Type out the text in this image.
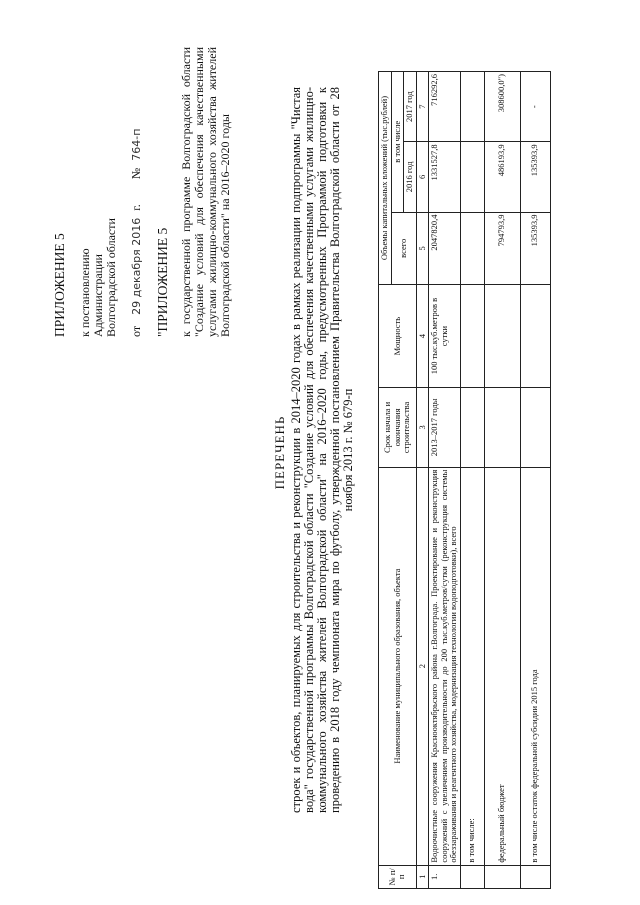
ПРИЛОЖЕНИЕ 5 к постановлению Администрации Волгоградской области от 29 декабря 2016 г. № 764-п
"ПРИЛОЖЕНИЕ 5 к государственной программе Волгоградской области "Создание условий для обеспечения качественными услугами жилищно-коммунального хозяйства жителей Волгоградской области" на 2016–2020 годы
ПЕРЕЧЕНЬ строек и объектов, планируемых для строительства и реконструкции в 2014–2020 годах в рамках реализации подпрограммы "Чистая вода" государственной программы Волгоградской области "Создание условий для обеспечения качественными услугами жилищно-коммунального хозяйства жителей Волгоградской области" на 2016–2020 годы, предусмотренных Программой подготовки к проведению в 2018 году чемпионата мира по футболу, утвержденной постановлением Правительства Волгоградской области от 28 ноября 2013 г. № 679-п
№ п/п	Наименование муниципального образования, объекта	Срок начала и окончания строительства	Мощность	Объемы капитальных вложений (тыс.рублей)		
				всего	в том числе	
					2016 год	2017 год
1	2	3	4	5	6	7
1.	Водоочистные сооружения Краснооктябрьского района г.Волгограда. Проектирование и реконструкция сооружений с увеличением производительности до 200 тыс.куб.метров/сутки (реконструкция системы обеззараживания и реагентного хозяйства, модернизация технологии водоподготовки), всего	2013–2017 годы	100 тыс.куб.метров в сутки	2047820,4	1331527,8	716292,6
	в том числе:					
	федеральный бюджет			794793,9	486193,9	308600,0")
	в том числе остаток федеральной субсидии 2015 года			135393,9	135393,9	-
